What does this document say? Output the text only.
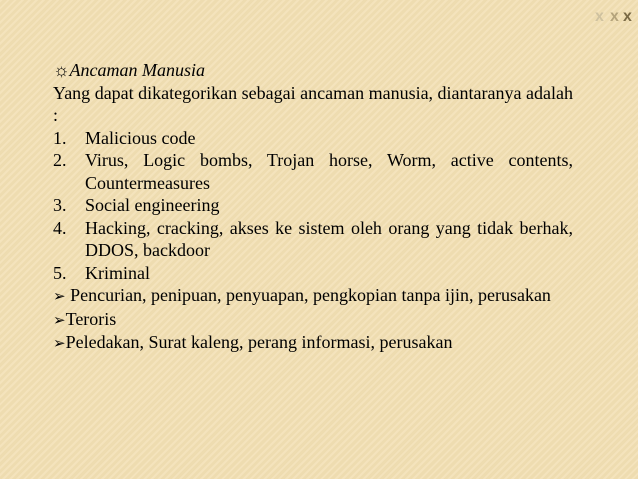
x x x
☼Ancaman Manusia
Yang dapat dikategorikan sebagai ancaman manusia, diantaranya adalah :
1.	Malicious code
2.	Virus, Logic bombs, Trojan horse, Worm, active contents, Countermeasures
3.	Social engineering
4.	Hacking, cracking, akses ke sistem oleh orang yang tidak berhak, DDOS, backdoor
5.	Kriminal
➢ Pencurian, penipuan, penyuapan, pengkopian tanpa ijin, perusakan
➢Teroris
➢Peledakan, Surat kaleng, perang informasi, perusakan
